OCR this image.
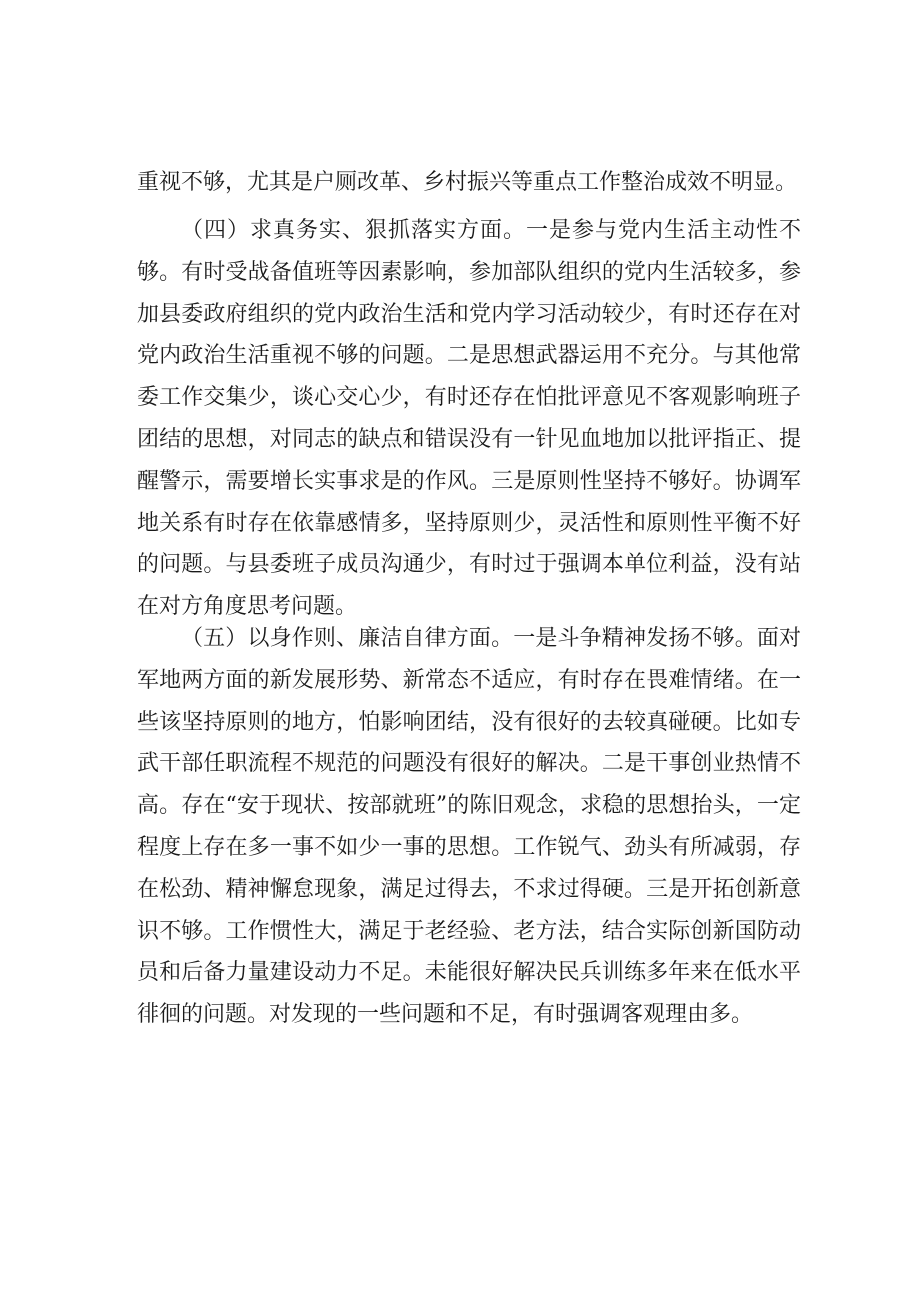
重视不够，尤其是户厕改革、乡村振兴等重点工作整治成效不明显。

（四）求真务实、狠抓落实方面。一是参与党内生活主动性不够。有时受战备值班等因素影响，参加部队组织的党内生活较多，参加县委政府组织的党内政治生活和党内学习活动较少，有时还存在对党内政治生活重视不够的问题。二是思想武器运用不充分。与其他常委工作交集少，谈心交心少，有时还存在怕批评意见不客观影响班子团结的思想，对同志的缺点和错误没有一针见血地加以批评指正、提醒警示，需要增长实事求是的作风。三是原则性坚持不够好。协调军地关系有时存在依靠感情多，坚持原则少，灵活性和原则性平衡不好的问题。与县委班子成员沟通少，有时过于强调本单位利益，没有站在对方角度思考问题。

（五）以身作则、廉洁自律方面。一是斗争精神发扬不够。面对军地两方面的新发展形势、新常态不适应，有时存在畏难情绪。在一些该坚持原则的地方，怕影响团结，没有很好的去较真碰硬。比如专武干部任职流程不规范的问题没有很好的解决。二是干事创业热情不高。存在“安于现状、按部就班”的陈旧观念，求稳的思想抬头，一定程度上存在多一事不如少一事的思想。工作锐气、劲头有所减弱，存在松劲、精神懈怠现象，满足过得去，不求过得硬。三是开拓创新意识不够。工作惯性大，满足于老经验、老方法，结合实际创新国防动员和后备力量建设动力不足。未能很好解决民兵训练多年来在低水平徘徊的问题。对发现的一些问题和不足，有时强调客观理由多。
